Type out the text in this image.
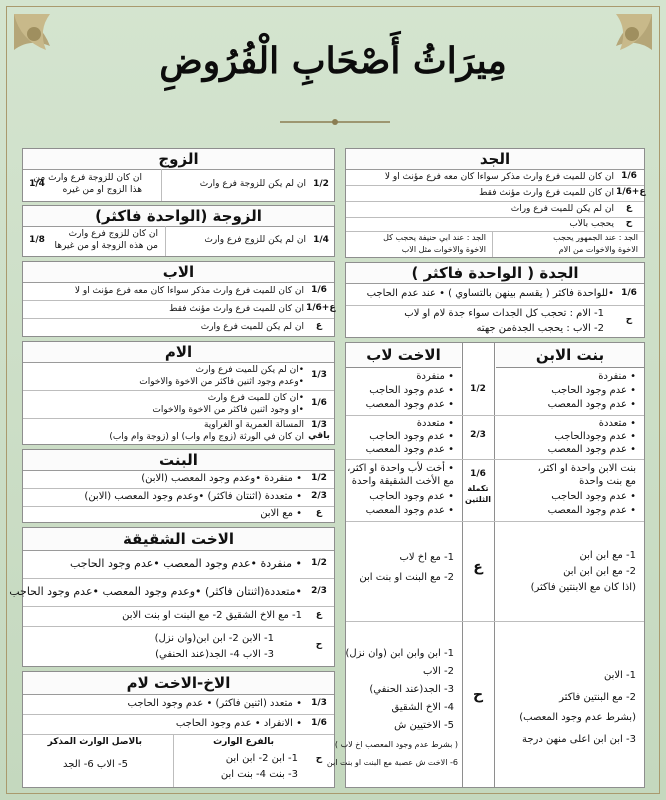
مِيرَاثُ أَصْحَابِ الْفُرُوضِ
الزوج
1/2
ان لم يكن للزوجة فرع وارث
ان كان للزوجة فرع وارث من
هذا الزوج او من غيره
1/4
الزوجة (الواحدة فاكثر)
1/4
ان لم يكن للزوج فرع وارث
ان كان للزوج فرع وارث
من هذه الزوجة او من غيرها
1/8
الاب
1/6
ان كان للميت فرع وارث مذكر سواءا كان معه فرع مؤنث او لا
1/6+ع
ان كان للميت فرع وارث مؤنث فقط
ع
ان لم يكن للميت فرع وارث
الام
1/3
•ان لم يكن للميت فرع وارث
•وعدم وجود اثنين فاكثر من الاخوة والاخوات
1/6
•ان كان للميت فرع وارث
•او وجود اثنين فاكثر من الاخوة والاخوات
1/3 باقي
المسالة العمرية او الغراوية
ان كان في الورثة (زوج وام واب) او (زوجة وام واب)
البنت
1/2
• منفردة •وعدم وجود المعصب (الابن)
2/3
• متعددة (اثنتان فاكثر) •وعدم وجود المعصب (الابن)
ع
• مع الابن
الاخت الشقيقة
1/2
• منفردة •عدم وجود المعصب •عدم وجود الحاجب
2/3
•متعددة(اثنتان فاكثر) •وعدم وجود المعصب •عدم وجود الحاجب
ع
1- مع الاخ الشقيق 2- مع البنت او بنت الابن
ح
1- الابن 2- ابن ابن(وان نزل)
3- الاب 4- الجد(عند الحنفي)
الاخ-الاخت لام
1/3
• متعدد (اثنين فاكثر) • عدم وجود الحاجب
1/6
• الانفراد • عدم وجود الحاجب
ح
بالفرع الوارث
1- ابن 2- ابن ابن
3- بنت 4- بنت ابن
بالاصل الوارث المذكر
5- الاب 6- الجد
الجد
1/6
ان كان للميت فرع وارث مذكر سواءا كان معه فرع مؤنث او لا
1/6+ع
ان كان للميت فرع وارث مؤنث فقط
ع
ان لم يكن للميت فرع وراث
ح
يحجب بالاب
الجد : عند الجمهور يحجب
الاخوة والاخوات من الام
الجد : عند ابي حنيفة يحجب كل
الاخوة والاخوات مثل الاب
الجدة ( الواحدة فاكثر )
1/6
•للواحدة فاكثر ( يقسم بينهن بالتساوي ) • عند عدم الحاجب
ح
1- الام : تحجب كل الجدات سواء جدة لام او لاب
2- الاب : يحجب الجدةمن جهته
بنت الابن
الاخت لاب
• منفردة
• عدم وجود الحاجب
• عدم وجود المعصب
1/2
• منفردة
• عدم وجود الحاجب
• عدم وجود المعصب
• متعددة
• عدم وجودالحاجب
• عدم وجود المعصب
2/3
• متعددة
• عدم وجود الحاجب
• عدم وجود المعصب
بنت الابن واحدة او اكثر،
مع بنت واحدة
• عدم وجود الحاجب
• عدم وجود المعصب
1/6
تكملة
الثلثين
• أخت لأب واحدة او اكثر،
مع الأخت الشقيقة واحدة
• عدم وجود الحاجب
• عدم وجود المعصب
1- مع ابن ابن
2- مع ابن ابن ابن
(اذا كان مع الابنتين فاكثر)
ع
1- مع اخ لاب
2- مع البنت او بنت ابن
1- الابن
2- مع البنتين فاكثر
(بشرط عدم وجود المعصب)
3- ابن ابن اعلى منهن درجة
ح
1- ابن وابن ابن (وان نزل)
2- الاب
3- الجد(عند الحنفي)
4- الاخ الشقيق
5- الاختيين ش
( بشرط عدم وجود المعصب اخ لاب )
6- الاخت ش عصبة مع البنت او بنت ابن
